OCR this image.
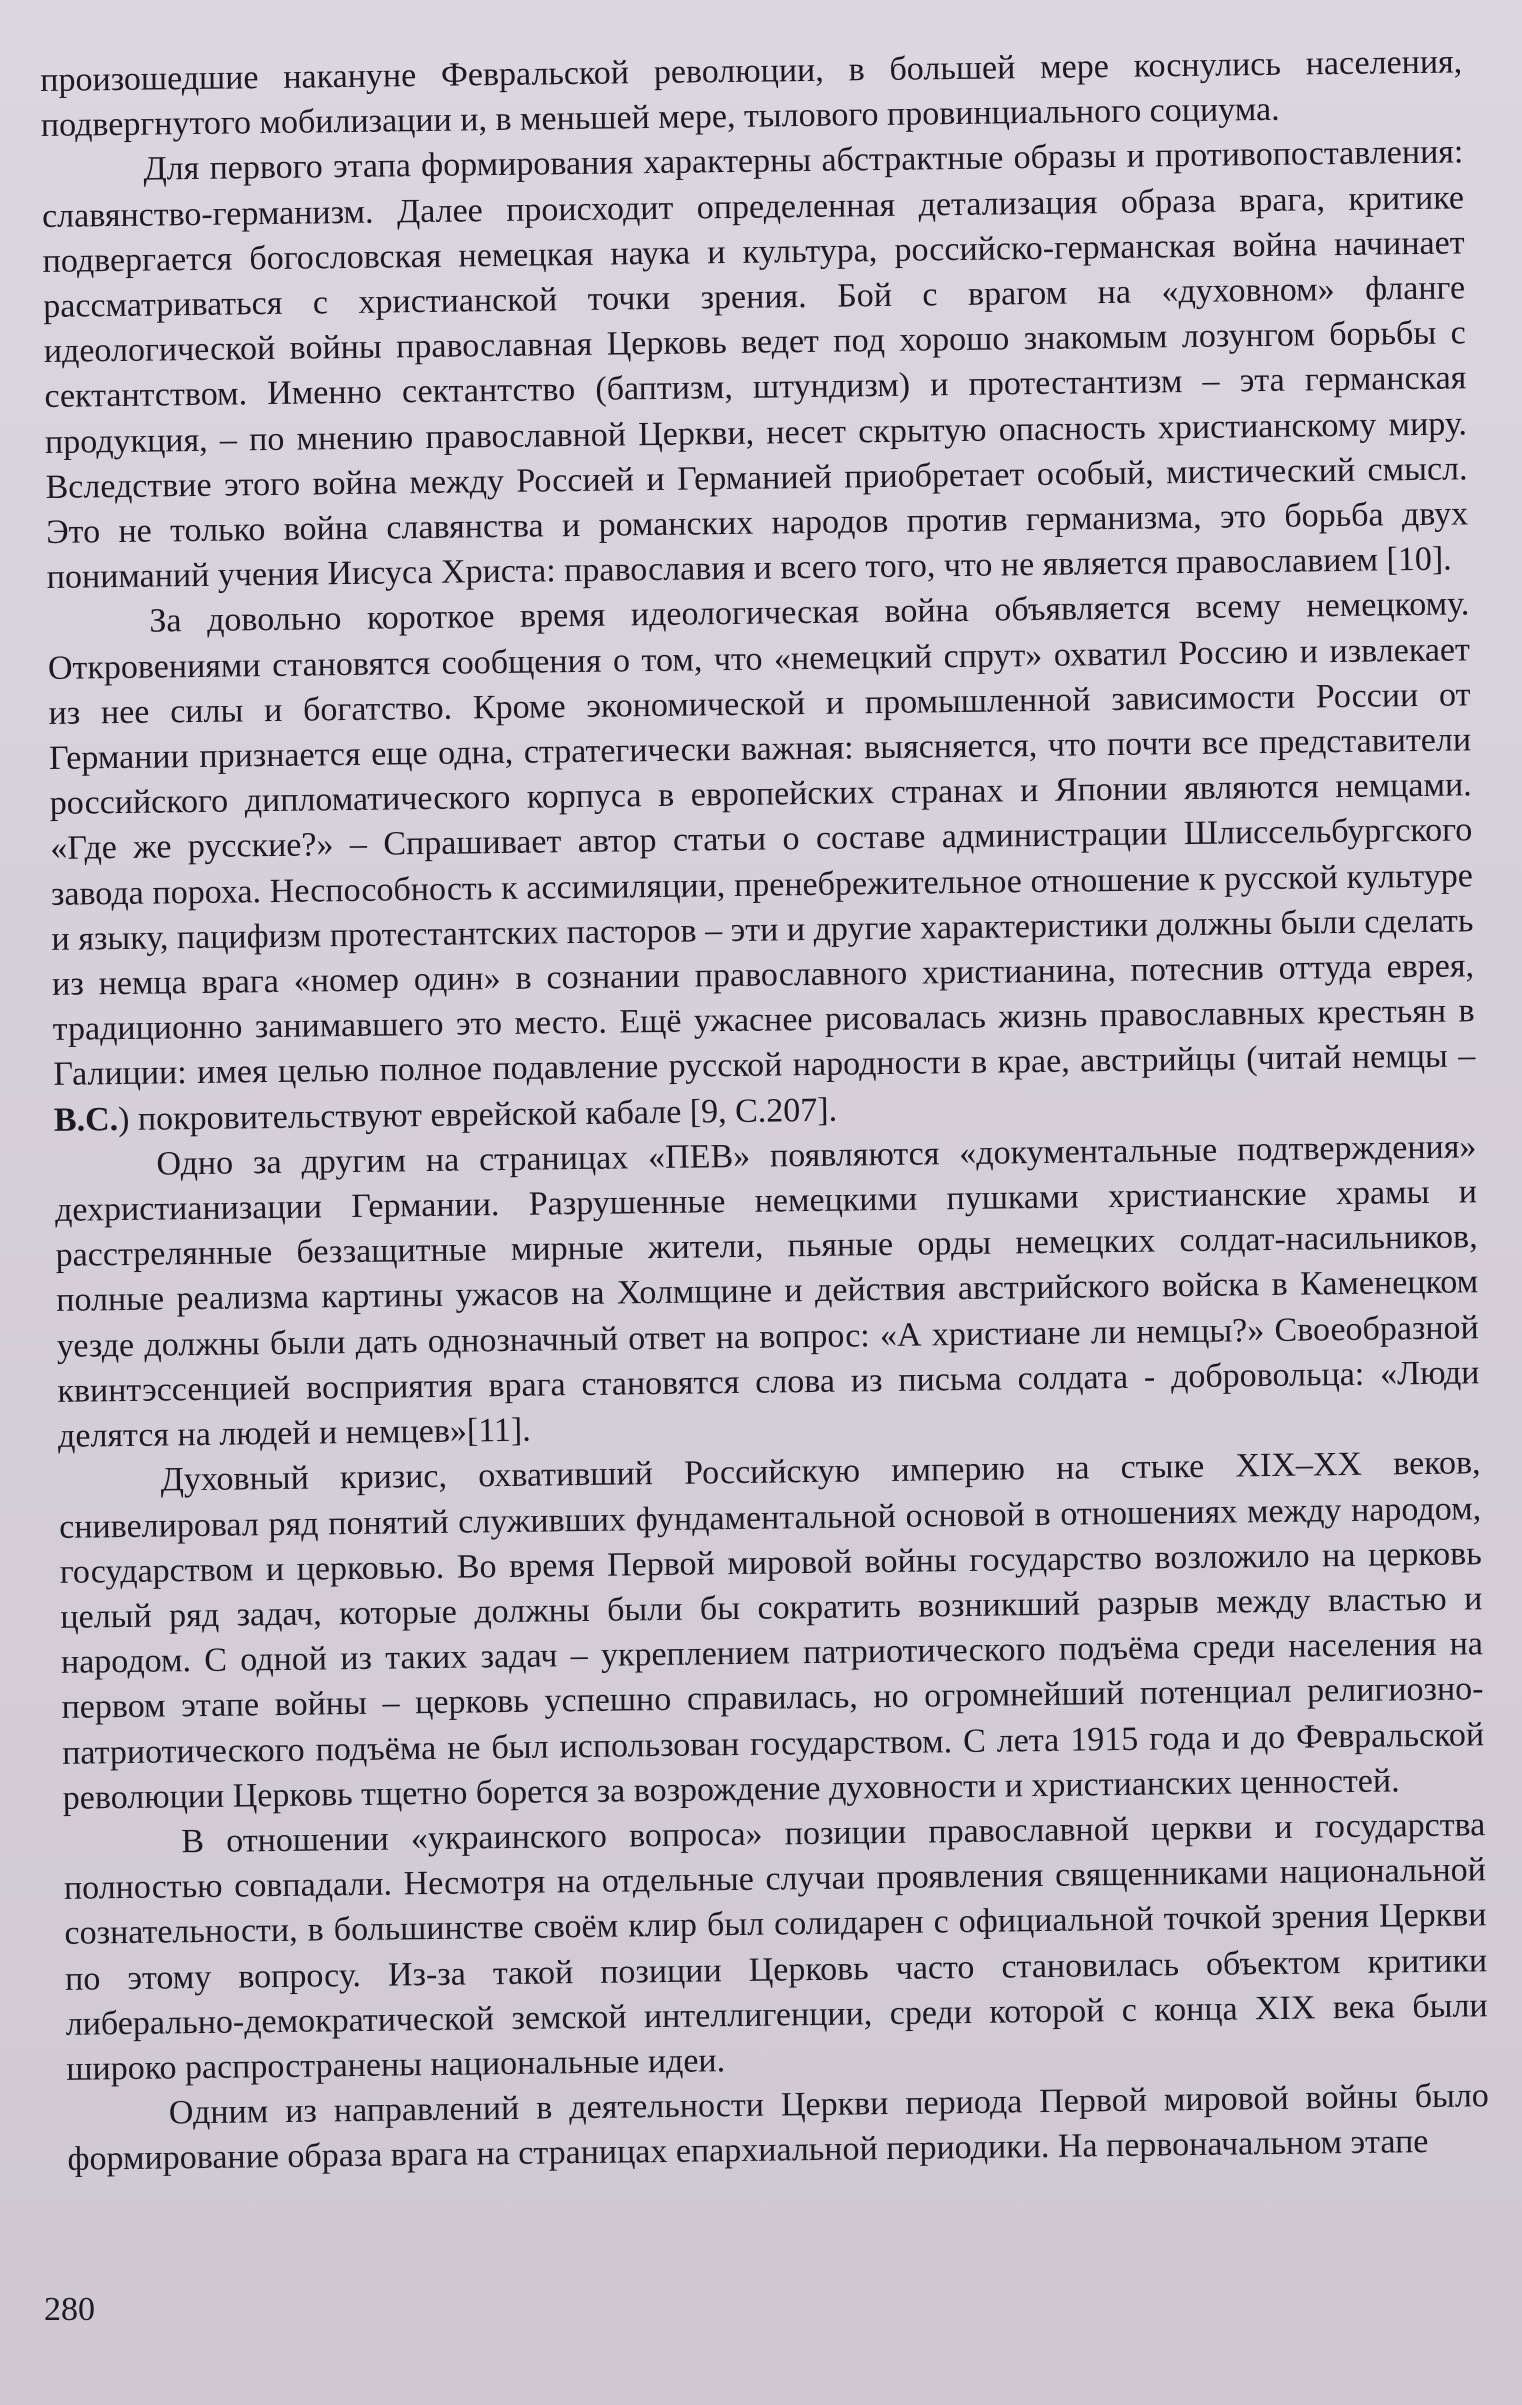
произошедшие накануне Февральской революции, в большей мере коснулись населения, подвергнутого мобилизации и, в меньшей мере, тылового провинциального социума.

Для первого этапа формирования характерны абстрактные образы и противопоставления: славянство-германизм. Далее происходит определенная детализация образа врага, критике подвергается богословская немецкая наука и культура, российско-германская война начинает рассматриваться с христианской точки зрения. Бой с врагом на «духовном» фланге идеологической войны православная Церковь ведет под хорошо знакомым лозунгом борьбы с сектантством. Именно сектантство (баптизм, штундизм) и протестантизм – эта германская продукция, – по мнению православной Церкви, несет скрытую опасность христианскому миру. Вследствие этого война между Россией и Германией приобретает особый, мистический смысл. Это не только война славянства и романских народов против германизма, это борьба двух пониманий учения Иисуса Христа: православия и всего того, что не является православием [10].

За довольно короткое время идеологическая война объявляется всему немецкому. Откровениями становятся сообщения о том, что «немецкий спрут» охватил Россию и извлекает из нее силы и богатство. Кроме экономической и промышленной зависимости России от Германии признается еще одна, стратегически важная: выясняется, что почти все представители российского дипломатического корпуса в европейских странах и Японии являются немцами. «Где же русские?» – Спрашивает автор статьи о составе администрации Шлиссельбургского завода пороха. Неспособность к ассимиляции, пренебрежительное отношение к русской культуре и языку, пацифизм протестантских пасторов – эти и другие характеристики должны были сделать из немца врага «номер один» в сознании православного христианина, потеснив оттуда еврея, традиционно занимавшего это место. Ещё ужаснее рисовалась жизнь православных крестьян в Галиции: имея целью полное подавление русской народности в крае, австрийцы (читай немцы – В.С.) покровительствуют еврейской кабале [9, С.207].

Одно за другим на страницах «ПЕВ» появляются «документальные подтверждения» дехристианизации Германии. Разрушенные немецкими пушками христианские храмы и расстрелянные беззащитные мирные жители, пьяные орды немецких солдат-насильников, полные реализма картины ужасов на Холмщине и действия австрийского войска в Каменецком уезде должны были дать однозначный ответ на вопрос: «А христиане ли немцы?» Своеобразной квинтэссенцией восприятия врага становятся слова из письма солдата - добровольца: «Люди делятся на людей и немцев»[11].

Духовный кризис, охвативший Российскую империю на стыке XIX–XX веков, снивелировал ряд понятий служивших фундаментальной основой в отношениях между народом, государством и церковью. Во время Первой мировой войны государство возложило на церковь целый ряд задач, которые должны были бы сократить возникший разрыв между властью и народом. С одной из таких задач – укреплением патриотического подъёма среди населения на первом этапе войны – церковь успешно справилась, но огромнейший потенциал религиозно-патриотического подъёма не был использован государством. С лета 1915 года и до Февральской революции Церковь тщетно борется за возрождение духовности и христианских ценностей.

В отношении «украинского вопроса» позиции православной церкви и государства полностью совпадали. Несмотря на отдельные случаи проявления священниками национальной сознательности, в большинстве своём клир был солидарен с официальной точкой зрения Церкви по этому вопросу. Из-за такой позиции Церковь часто становилась объектом критики либерально-демократической земской интеллигенции, среди которой с конца XIX века были широко распространены национальные идеи.

Одним из направлений в деятельности Церкви периода Первой мировой войны было формирование образа врага на страницах епархиальной периодики. На первоначальном этапе

280
